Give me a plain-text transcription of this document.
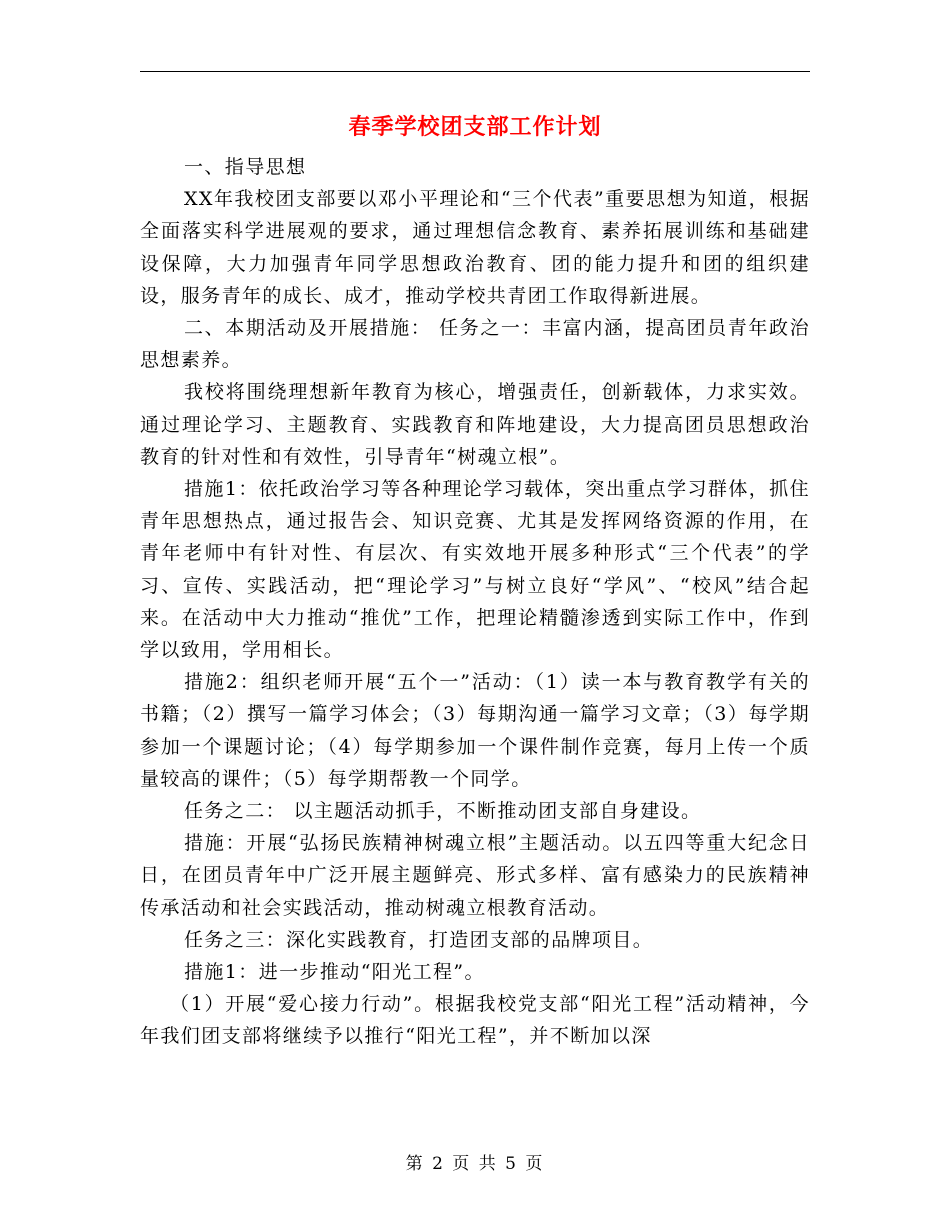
春季学校团支部工作计划

一、指导思想

XX年我校团支部要以邓小平理论和“三个代表”重要思想为知道，根据全面落实科学进展观的要求，通过理想信念教育、素养拓展训练和基础建设保障，大力加强青年同学思想政治教育、团的能力提升和团的组织建设，服务青年的成长、成才，推动学校共青团工作取得新进展。

二、本期活动及开展措施： 任务之一：丰富内涵，提高团员青年政治思想素养。

我校将围绕理想新年教育为核心，增强责任，创新载体，力求实效。通过理论学习、主题教育、实践教育和阵地建设，大力提高团员思想政治教育的针对性和有效性，引导青年“树魂立根”。

措施1：依托政治学习等各种理论学习载体，突出重点学习群体，抓住青年思想热点，通过报告会、知识竞赛、尤其是发挥网络资源的作用，在青年老师中有针对性、有层次、有实效地开展多种形式“三个代表”的学习、宣传、实践活动，把“理论学习”与树立良好“学风”、“校风”结合起来。在活动中大力推动“推优”工作，把理论精髓渗透到实际工作中，作到学以致用，学用相长。

措施2：组织老师开展“五个一”活动：（1）读一本与教育教学有关的书籍；（2）撰写一篇学习体会；（3）每期沟通一篇学习文章；（3）每学期参加一个课题讨论；（4）每学期参加一个课件制作竞赛，每月上传一个质量较高的课件；（5）每学期帮教一个同学。

任务之二： 以主题活动抓手，不断推动团支部自身建设。

措施：开展“弘扬民族精神树魂立根”主题活动。以五四等重大纪念日日，在团员青年中广泛开展主题鲜亮、形式多样、富有感染力的民族精神传承活动和社会实践活动，推动树魂立根教育活动。

任务之三：深化实践教育，打造团支部的品牌项目。

措施1：进一步推动“阳光工程”。

（1）开展“爱心接力行动”。根据我校党支部“阳光工程”活动精神，今年我们团支部将继续予以推行“阳光工程”，并不断加以深

第 2 页 共 5 页
